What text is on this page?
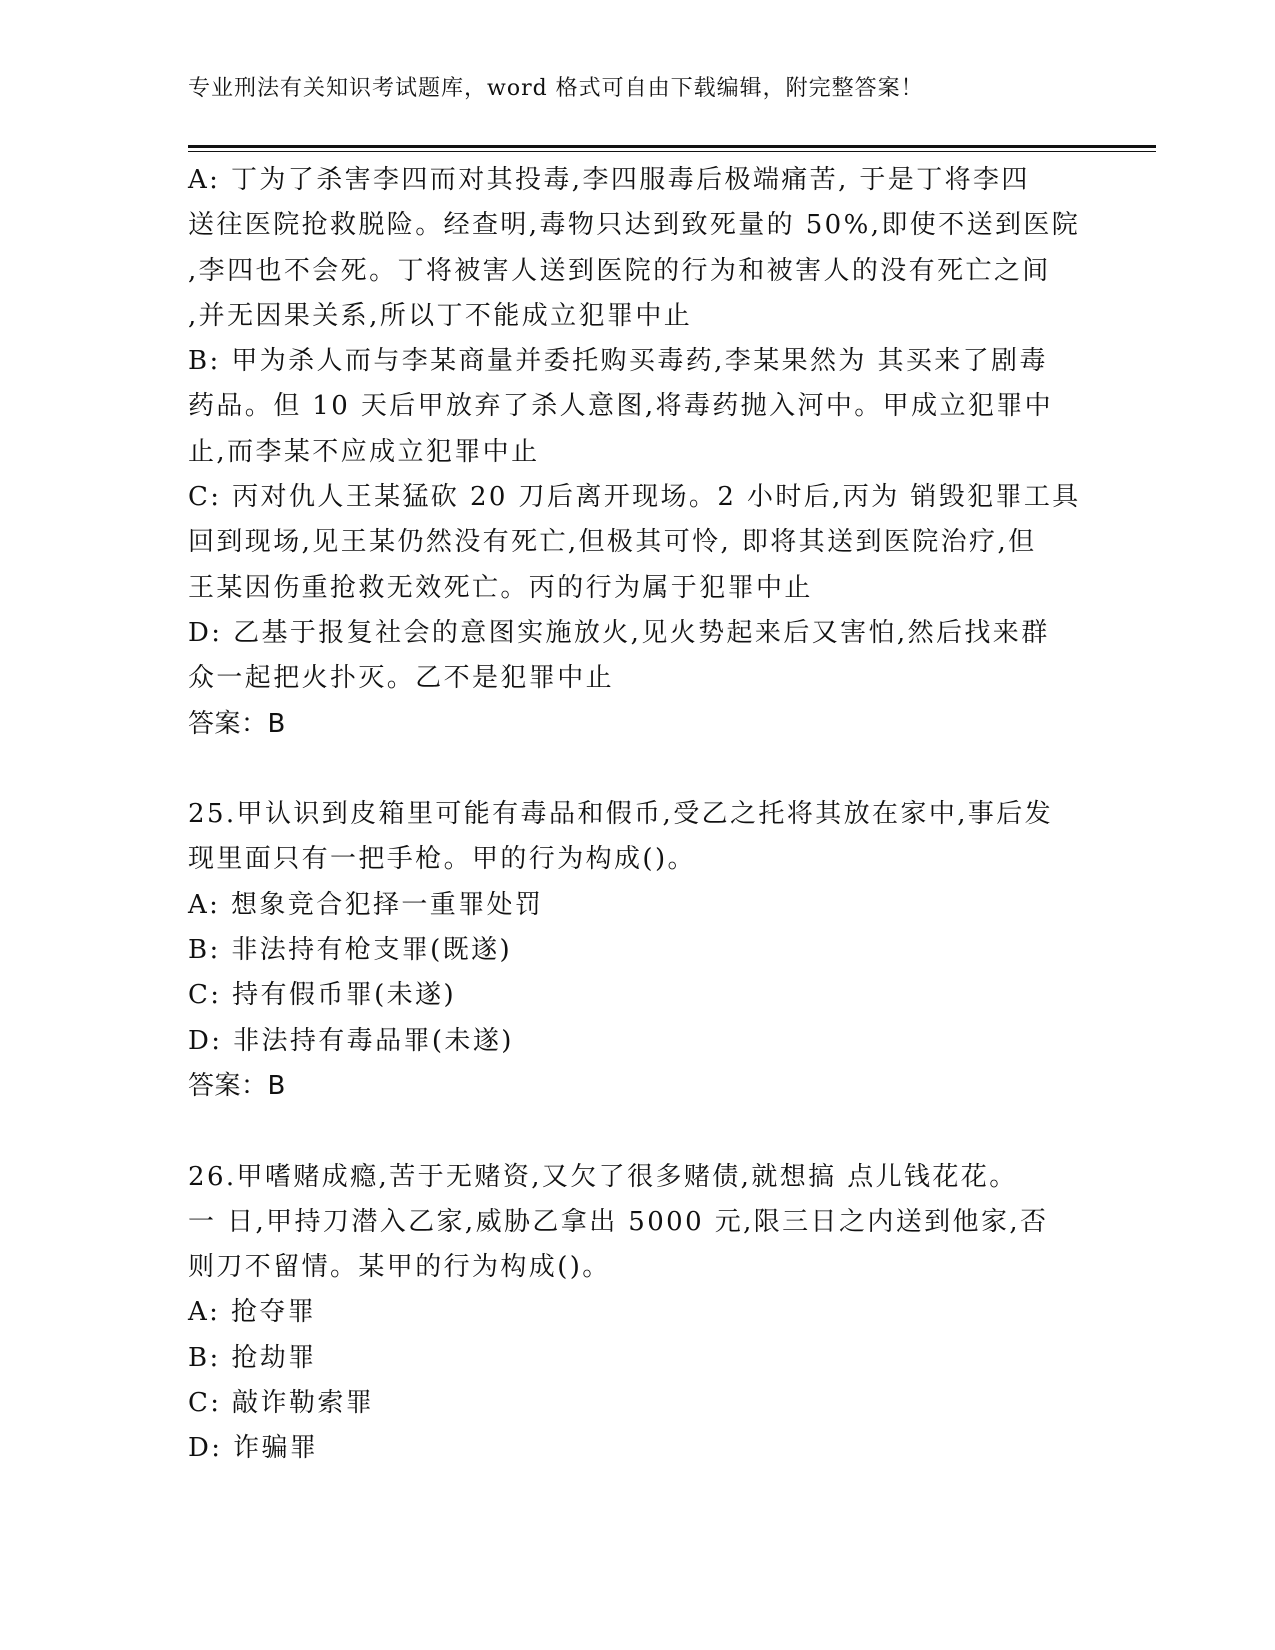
专业刑法有关知识考试题库，word 格式可自由下载编辑，附完整答案！
A: 丁为了杀害李四而对其投毒,李四服毒后极端痛苦, 于是丁将李四
送往医院抢救脱险。经查明,毒物只达到致死量的 50%,即使不送到医院
,李四也不会死。丁将被害人送到医院的行为和被害人的没有死亡之间
,并无因果关系,所以丁不能成立犯罪中止
B: 甲为杀人而与李某商量并委托购买毒药,李某果然为 其买来了剧毒
药品。但 10 天后甲放弃了杀人意图,将毒药抛入河中。甲成立犯罪中
止,而李某不应成立犯罪中止
C: 丙对仇人王某猛砍 20 刀后离开现场。2 小时后,丙为 销毁犯罪工具
回到现场,见王某仍然没有死亡,但极其可怜, 即将其送到医院治疗,但
王某因伤重抢救无效死亡。丙的行为属于犯罪中止
D: 乙基于报复社会的意图实施放火,见火势起来后又害怕,然后找来群
众一起把火扑灭。乙不是犯罪中止
答案：B
25.甲认识到皮箱里可能有毒品和假币,受乙之托将其放在家中,事后发
现里面只有一把手枪。甲的行为构成()。
A: 想象竞合犯择一重罪处罚
B: 非法持有枪支罪(既遂)
C: 持有假币罪(未遂)
D: 非法持有毒品罪(未遂)
答案：B
26.甲嗜赌成瘾,苦于无赌资,又欠了很多赌债,就想搞 点儿钱花花。
一 日,甲持刀潜入乙家,威胁乙拿出 5000 元,限三日之内送到他家,否
则刀不留情。某甲的行为构成()。
A: 抢夺罪
B: 抢劫罪
C: 敲诈勒索罪
D: 诈骗罪
